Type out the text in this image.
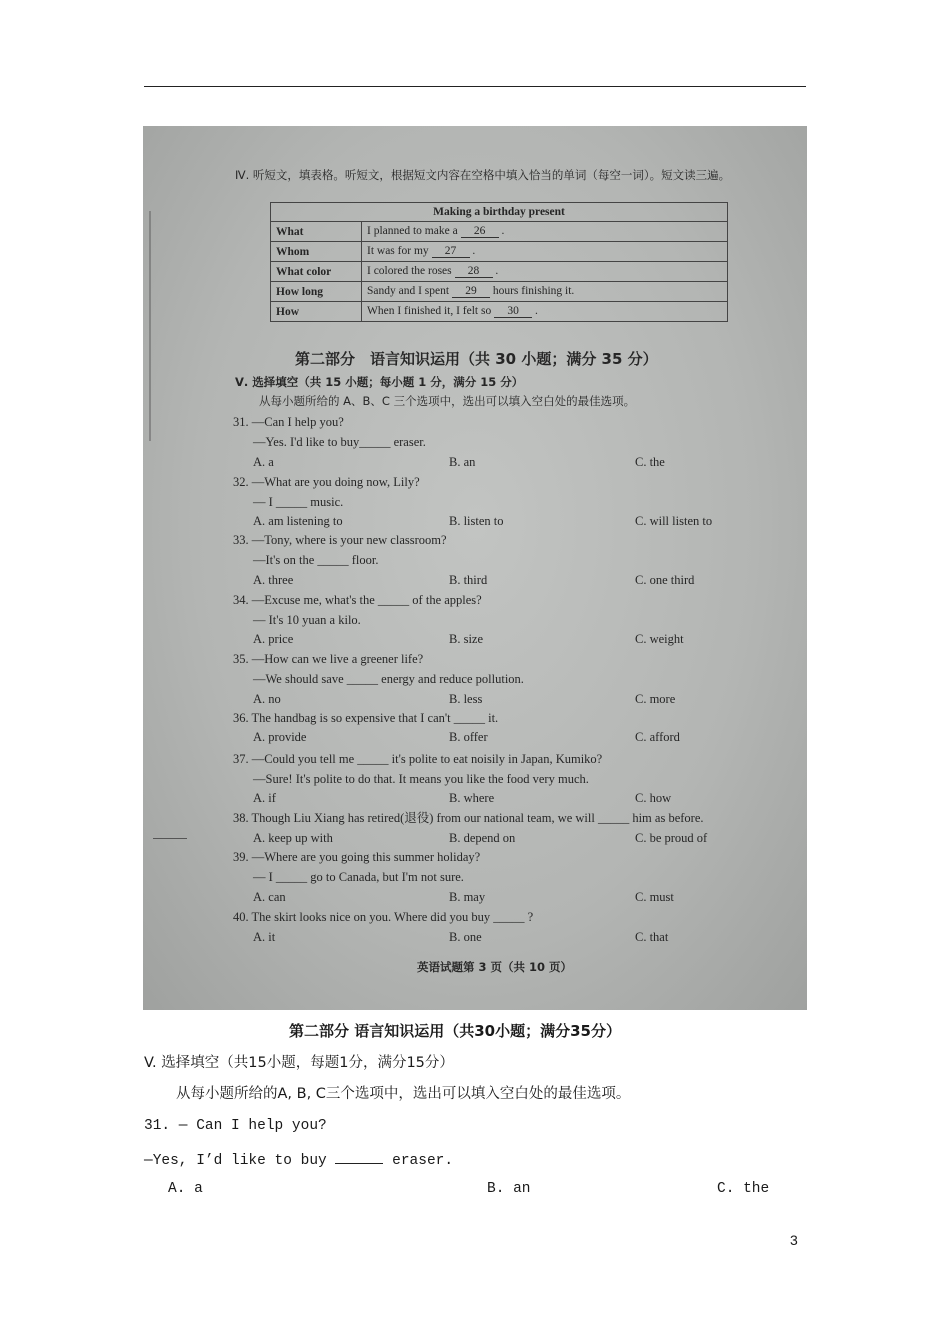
Ⅳ. 听短文，填表格。听短文，根据短文内容在空格中填入恰当的单词（每空一词）。短文读三遍。
Making a birthday present	
What	I planned to make a 26 .
Whom	It was for my 27 .
What color	I colored the roses 28 .
How long	Sandy and I spent 29 hours finishing it.
How	When I finished it, I felt so 30 .
第二部分　语言知识运用（共 30 小题；满分 35 分）
Ⅴ. 选择填空（共 15 小题；每小题 1 分，满分 15 分）
从每小题所给的 A、B、C 三个选项中，选出可以填入空白处的最佳选项。
31. —Can I help you?
—Yes. I'd like to buy_____ eraser.
A. a	B. an	C. the
32. —What are you doing now, Lily?
— I _____ music.
A. am listening to	B. listen to	C. will listen to
33. —Tony, where is your new classroom?
—It's on the _____ floor.
A. three	B. third	C. one third
34. —Excuse me, what's the _____ of the apples?
— It's 10 yuan a kilo.
A. price	B. size	C. weight
35. —How can we live a greener life?
—We should save _____ energy and reduce pollution.
A. no	B. less	C. more
36. The handbag is so expensive that I can't _____ it.
A. provide	B. offer	C. afford
37. —Could you tell me _____ it's polite to eat noisily in Japan, Kumiko?
—Sure! It's polite to do that. It means you like the food very much.
A. if	B. where	C. how
38. Though Liu Xiang has retired(退役) from our national team, we will _____ him as before.
A. keep up with	B. depend on	C. be proud of
39. —Where are you going this summer holiday?
— I _____ go to Canada, but I'm not sure.
A. can	B. may	C. must
40. The skirt looks nice on you. Where did you buy _____ ?
A. it	B. one	C. that
英语试题第 3 页（共 10 页）
第二部分 语言知识运用（共30小题；满分35分）
V. 选择填空（共15小题，每题1分，满分15分）
从每小题所给的A, B, C三个选项中，选出可以填入空白处的最佳选项。
31. — Can I help you?
—Yes, I’d like to buy	eraser.
A. a	B. an	C. the
3
